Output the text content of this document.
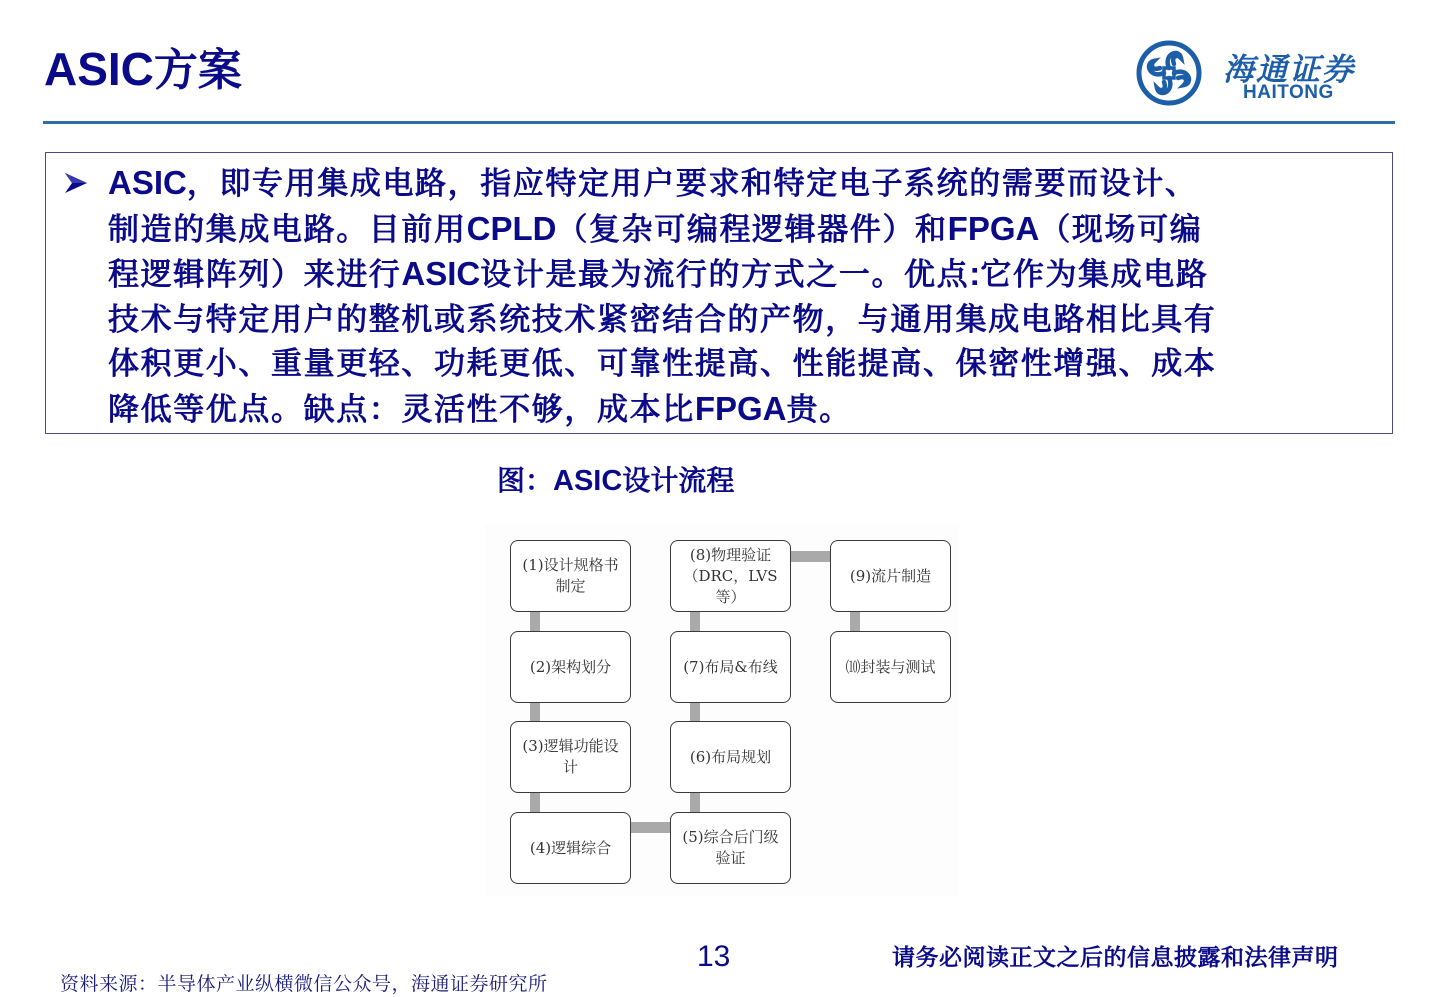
ASIC方案	海通证券
HAITONG
ASIC，即专用集成电路，指应特定用户要求和特定电子系统的需要而设计、
制造的集成电路。目前用CPLD（复杂可编程逻辑器件）和FPGA（现场可编
程逻辑阵列）来进行ASIC设计是最为流行的方式之一。优点:它作为集成电路
技术与特定用户的整机或系统技术紧密结合的产物，与通用集成电路相比具有
体积更小、重量更轻、功耗更低、可靠性提高、性能提高、保密性增强、成本
降低等优点。缺点：灵活性不够，成本比FPGA贵。
图：ASIC设计流程
(1)设计规格书
制定
(2)架构划分
(3)逻辑功能设
计
(4)逻辑综合
(5)综合后门级
验证
(6)布局规划
(7)布局&布线
(8)物理验证
（DRC，LVS等）
(9)流片制造
⑽封装与测试
13	请务必阅读正文之后的信息披露和法律声明
资料来源：半导体产业纵横微信公众号，海通证券研究所
